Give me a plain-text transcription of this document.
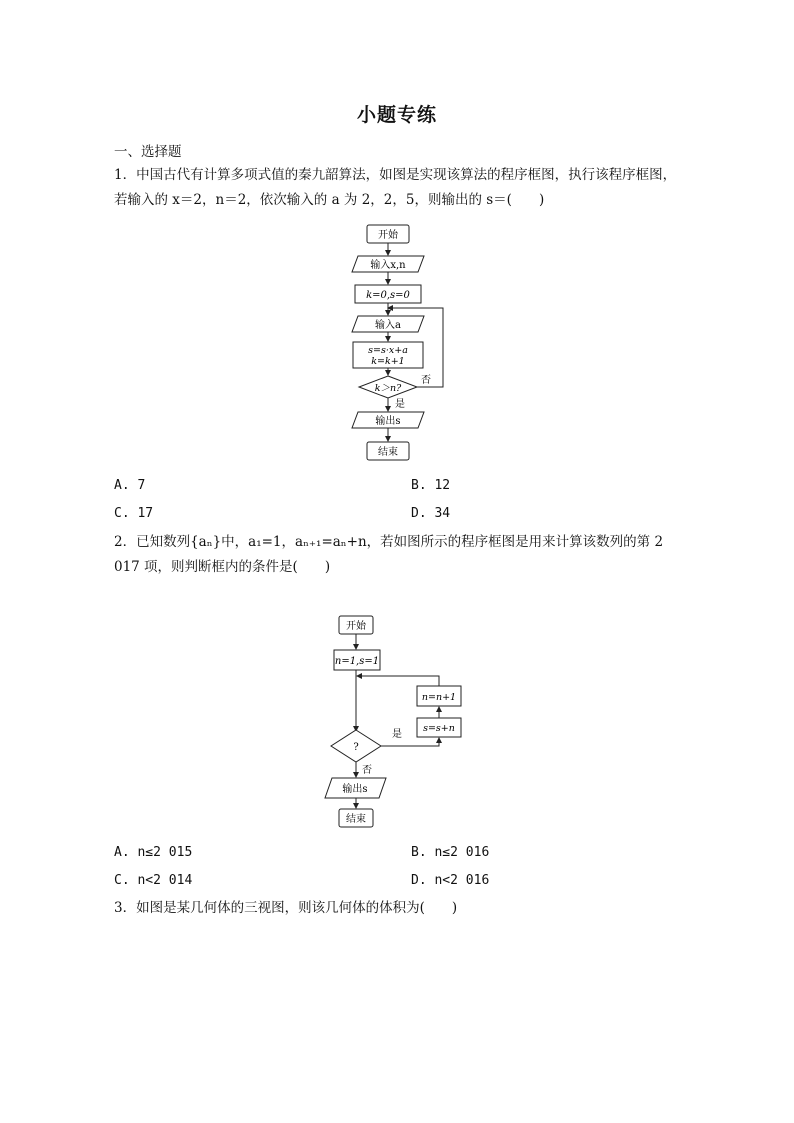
小题专练
一、选择题
1．中国古代有计算多项式值的秦九韶算法，如图是实现该算法的程序框图，执行该程序框图，
若输入的 x＝2，n＝2，依次输入的 a 为 2，2，5，则输出的 s＝(　　)
开始
输入x,n
k=0,s=0
输入a
s=s·x+a
k=k+1
k＞n?
否
是
输出s
结束
A. 7	B. 12
C. 17	D. 34
2．已知数列{aₙ}中，a₁=1，aₙ₊₁=aₙ+n，若如图所示的程序框图是用来计算该数列的第 2
017 项，则判断框内的条件是(　　)
开始
n=1,s=1
?
是
s=s+n
n=n+1
否
输出s
结束
A. n≤2 015	B. n≤2 016
C. n<2 014	D. n<2 016
3．如图是某几何体的三视图，则该几何体的体积为(　　)
